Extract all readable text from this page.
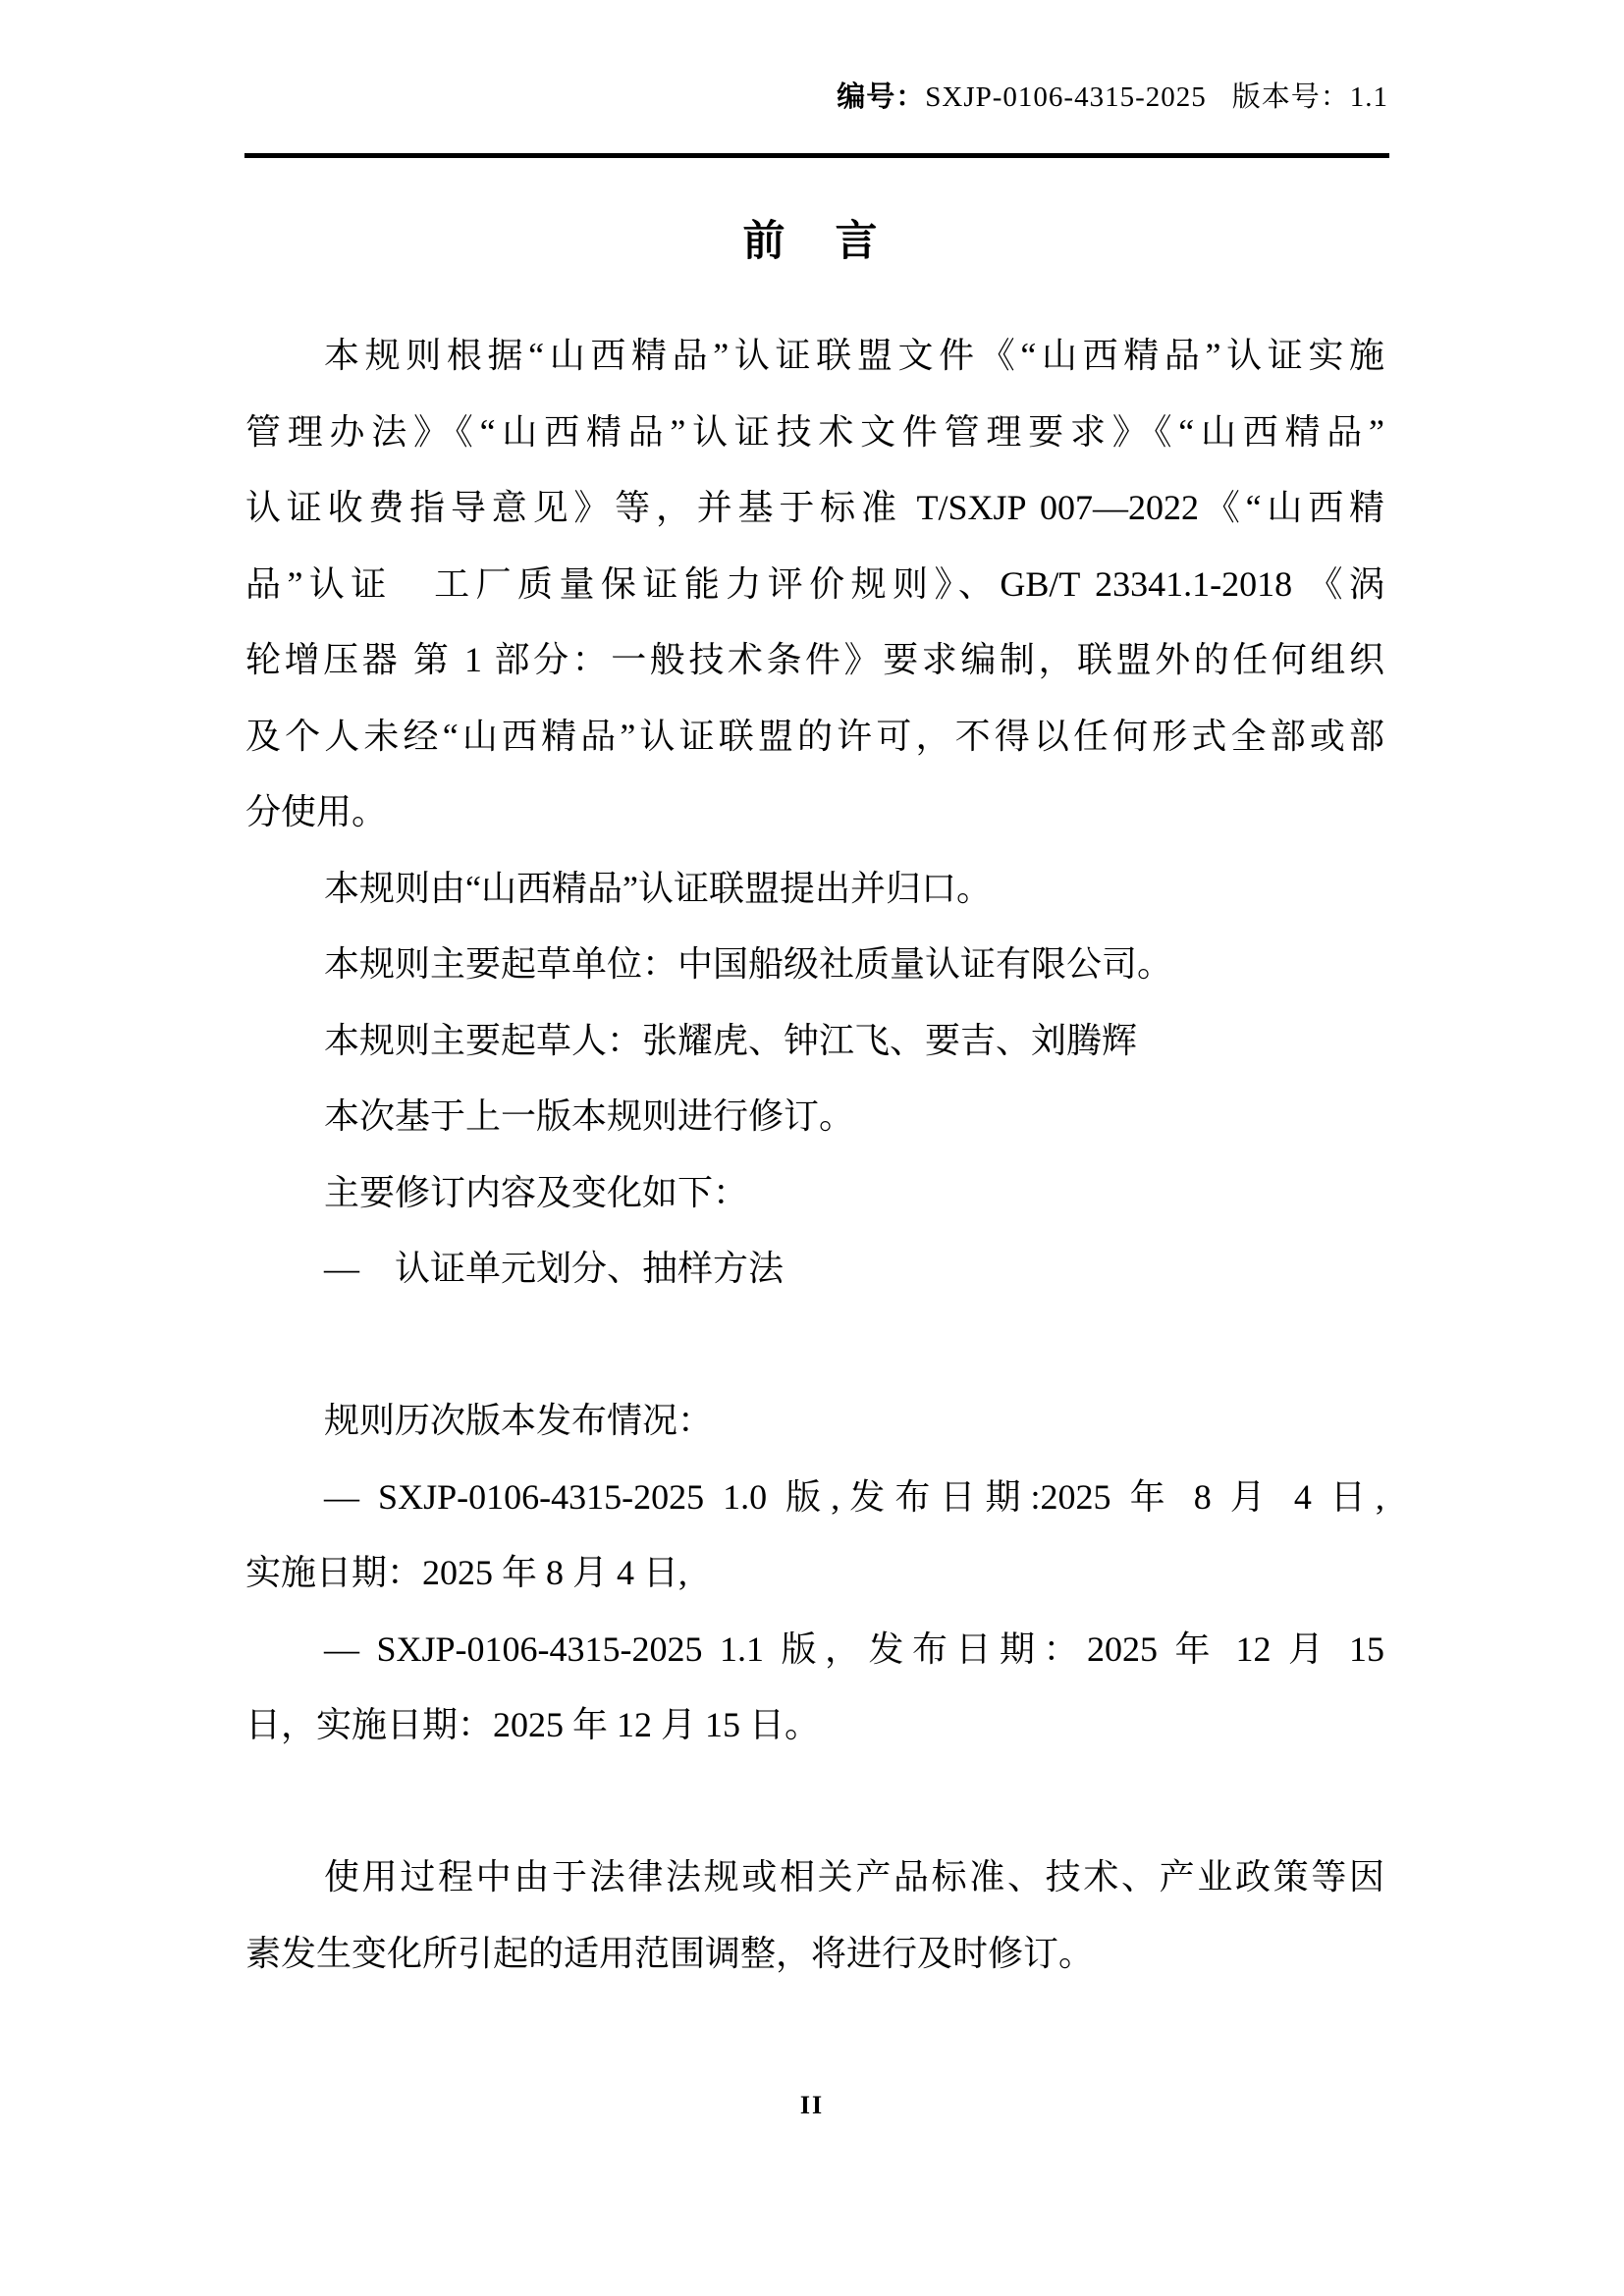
编号：SXJP-0106-4315-2025 版本号：1.1
前　言
本规则根据“山西精品”认证联盟文件《“山西精品”认证实施
管理办法》《“山西精品”认证技术文件管理要求》《“山西精品”
认证收费指导意见》等，并基于标准 T/SXJP 007—2022《“山西精
品”认证　工厂质量保证能力评价规则》、GB/T 23341.1-2018 《涡
轮增压器 第 1 部分：一般技术条件》要求编制，联盟外的任何组织
及个人未经“山西精品”认证联盟的许可，不得以任何形式全部或部
分使用。
本规则由“山西精品”认证联盟提出并归口。
本规则主要起草单位：中国船级社质量认证有限公司。
本规则主要起草人：张耀虎、钟江飞、要吉、刘腾辉
本次基于上一版本规则进行修订。
主要修订内容及变化如下：
—　认证单元划分、抽样方法
规则历次版本发布情况：
— SXJP-0106-4315-2025 1.0 版,发布日期:2025 年 8 月 4 日,
实施日期：2025 年 8 月 4 日,
— SXJP-0106-4315-2025 1.1 版，发布日期：2025 年 12 月 15
日，实施日期：2025 年 12 月 15 日。
使用过程中由于法律法规或相关产品标准、技术、产业政策等因
素发生变化所引起的适用范围调整，将进行及时修订。
II
